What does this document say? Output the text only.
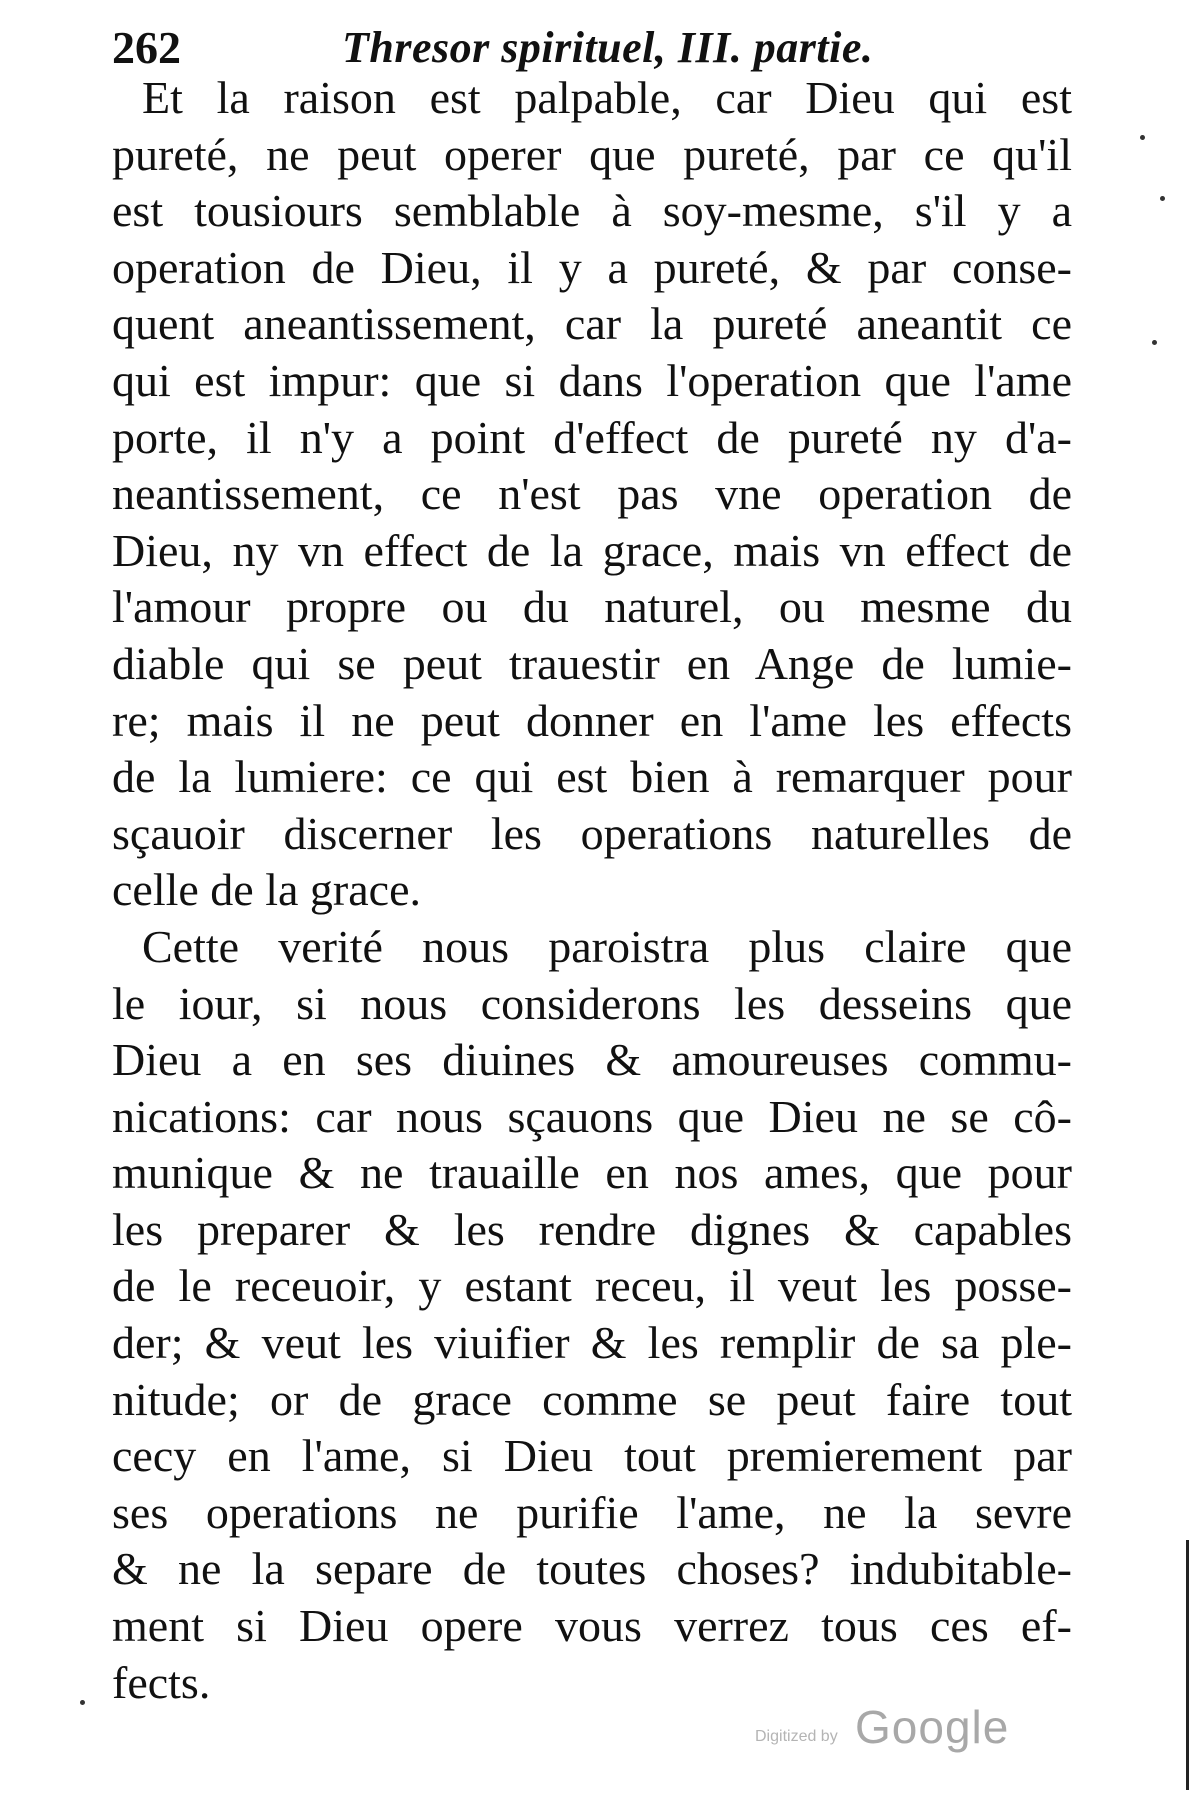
262	Thresor spirituel, III. partie.
Et la raison est palpable, car Dieu qui est
pureté, ne peut operer que pureté, par ce qu'il
est tousiours semblable à soy-mesme, s'il y a
operation de Dieu, il y a pureté, & par conse-
quent aneantissement, car la pureté aneantit ce
qui est impur: que si dans l'operation que l'ame
porte, il n'y a point d'effect de pureté ny d'a-
neantissement, ce n'est pas vne operation de
Dieu, ny vn effect de la grace, mais vn effect de
l'amour propre ou du naturel, ou mesme du
diable qui se peut trauestir en Ange de lumie-
re; mais il ne peut donner en l'ame les effects
de la lumiere: ce qui est bien à remarquer pour
sçauoir discerner les operations naturelles de
celle de la grace.
Cette verité nous paroistra plus claire que
le iour, si nous considerons les desseins que
Dieu a en ses diuines & amoureuses commu-
nications: car nous sçauons que Dieu ne se cô-
munique & ne trauaille en nos ames, que pour
les preparer & les rendre dignes & capables
de le receuoir, y estant receu, il veut les posse-
der; & veut les viuifier & les remplir de sa ple-
nitude; or de grace comme se peut faire tout
cecy en l'ame, si Dieu tout premierement par
ses operations ne purifie l'ame, ne la sevre
& ne la separe de toutes choses? indubitable-
ment si Dieu opere vous verrez tous ces ef-
fects.
Digitized by Google
